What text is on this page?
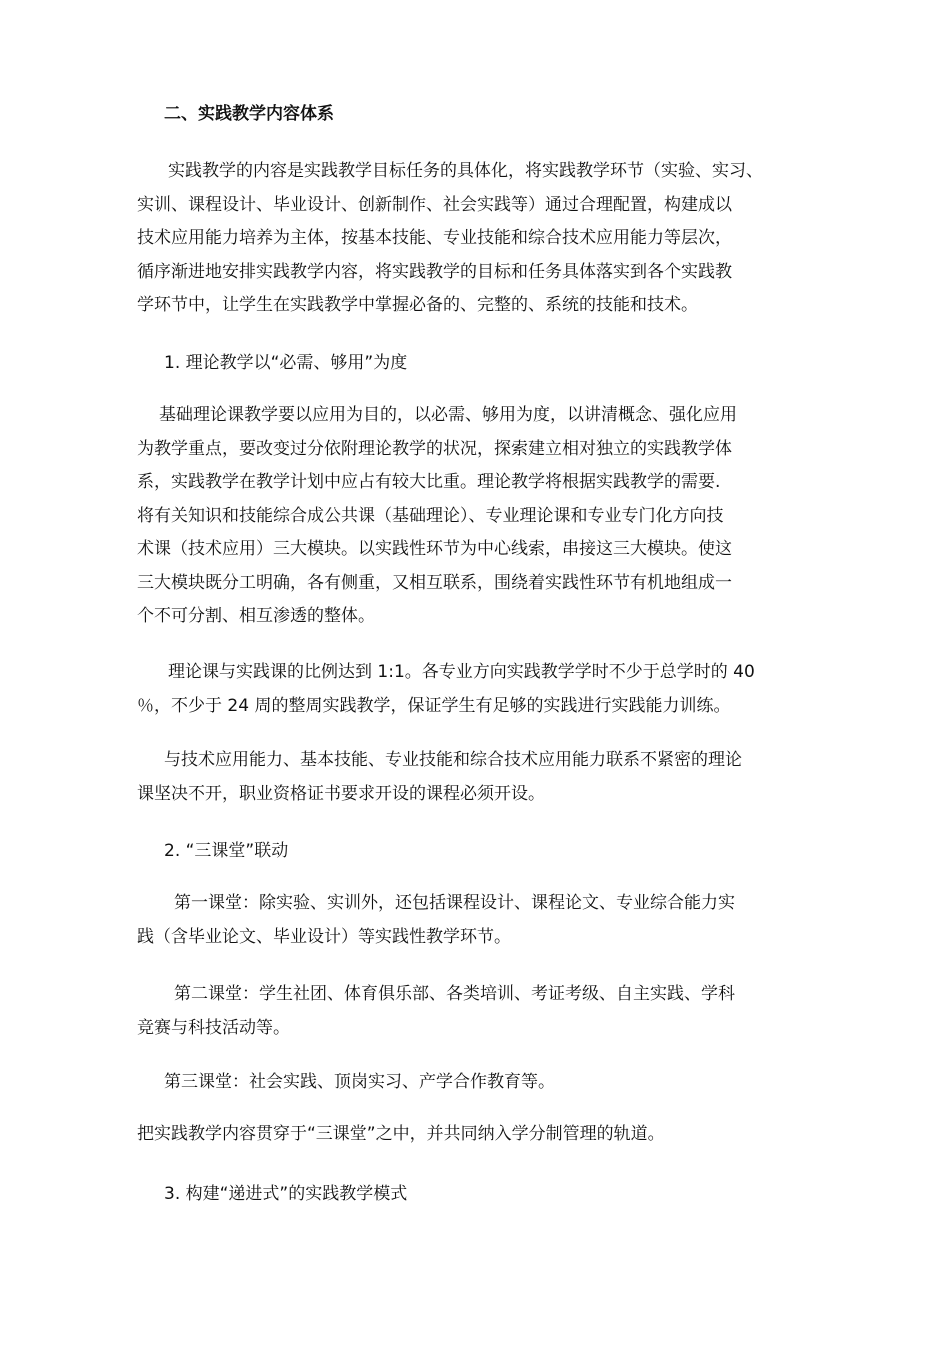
二、实践教学内容体系

实践教学的内容是实践教学目标任务的具体化，将实践教学环节（实验、实习、
实训、课程设计、毕业设计、创新制作、社会实践等）通过合理配置，构建成以
技术应用能力培养为主体，按基本技能、专业技能和综合技术应用能力等层次，
循序渐进地安排实践教学内容，将实践教学的目标和任务具体落实到各个实践教
学环节中，让学生在实践教学中掌握必备的、完整的、系统的技能和技术。

1. 理论教学以“必需、够用”为度

基础理论课教学要以应用为目的，以必需、够用为度，以讲清概念、强化应用
为教学重点，要改变过分依附理论教学的状况，探索建立相对独立的实践教学体
系，实践教学在教学计划中应占有较大比重。理论教学将根据实践教学的需要.
将有关知识和技能综合成公共课（基础理论）、专业理论课和专业专门化方向技
术课（技术应用）三大模块。以实践性环节为中心线索，串接这三大模块。使这
三大模块既分工明确，各有侧重，又相互联系，围绕着实践性环节有机地组成一
个不可分割、相互渗透的整体。
理论课与实践课的比例达到 1:1。各专业方向实践教学学时不少于总学时的 40
％，不少于 24 周的整周实践教学，保证学生有足够的实践进行实践能力训练。
与技术应用能力、基本技能、专业技能和综合技术应用能力联系不紧密的理论
课坚决不开，职业资格证书要求开设的课程必须开设。

2. “三课堂”联动

第一课堂：除实验、实训外，还包括课程设计、课程论文、专业综合能力实
践（含毕业论文、毕业设计）等实践性教学环节。
第二课堂：学生社团、体育俱乐部、各类培训、考证考级、自主实践、学科
竞赛与科技活动等。

第三课堂：社会实践、顶岗实习、产学合作教育等。

把实践教学内容贯穿于“三课堂”之中，并共同纳入学分制管理的轨道。

3. 构建“递进式”的实践教学模式
